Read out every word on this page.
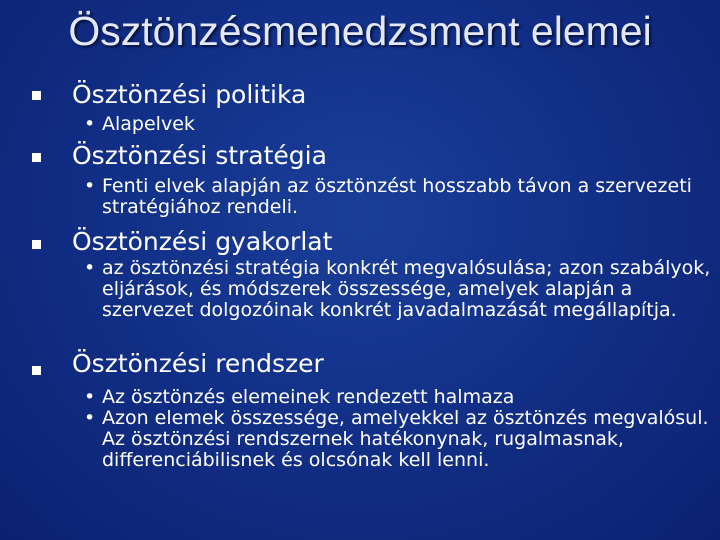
Ösztönzésmenedzsment elemei
Ösztönzési politika
• Alapelvek
Ösztönzési stratégia
• Fenti elvek alapján az ösztönzést hosszabb távon a szervezeti stratégiához rendeli.
Ösztönzési gyakorlat
• az ösztönzési stratégia konkrét megvalósulása; azon szabályok, eljárások, és módszerek összessége, amelyek alapján a szervezet dolgozóinak konkrét javadalmazását megállapítja.
Ösztönzési rendszer
• Az ösztönzés elemeinek rendezett halmaza
• Azon elemek összessége, amelyekkel az ösztönzés megvalósul. Az ösztönzési rendszernek hatékonynak, rugalmasnak, differenciábilisnek és olcsónak kell lenni.
